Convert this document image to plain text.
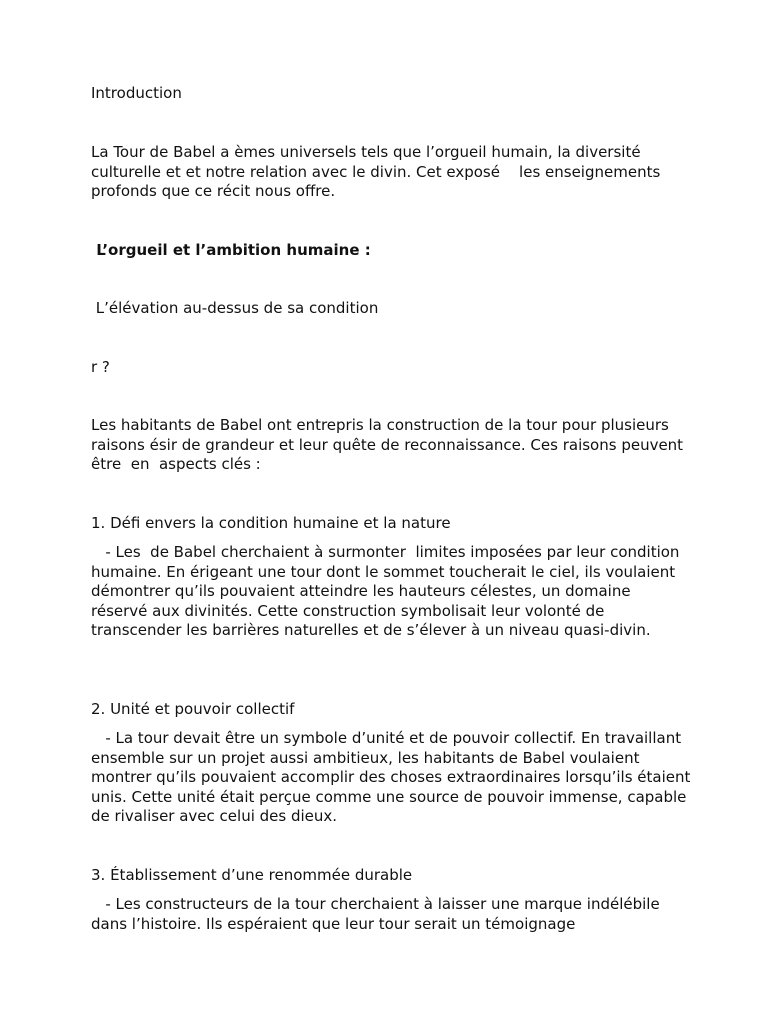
Introduction

La Tour de Babel a èmes universels tels que l’orgueil humain, la diversité culturelle et et notre relation avec le divin. Cet exposé    les enseignements profonds que ce récit nous offre.

L’orgueil et l’ambition humaine :

L’élévation au-dessus de sa condition

r ?

Les habitants de Babel ont entrepris la construction de la tour pour plusieurs raisons ésir de grandeur et leur quête de reconnaissance. Ces raisons peuvent être  en  aspects clés :

1. Défi envers la condition humaine et la nature

- Les  de Babel cherchaient à surmonter  limites imposées par leur condition humaine. En érigeant une tour dont le sommet toucherait le ciel, ils voulaient démontrer qu’ils pouvaient atteindre les hauteurs célestes, un domaine réservé aux divinités. Cette construction symbolisait leur volonté de transcender les barrières naturelles et de s’élever à un niveau quasi-divin.

2. Unité et pouvoir collectif

- La tour devait être un symbole d’unité et de pouvoir collectif. En travaillant ensemble sur un projet aussi ambitieux, les habitants de Babel voulaient montrer qu’ils pouvaient accomplir des choses extraordinaires lorsqu’ils étaient unis. Cette unité était perçue comme une source de pouvoir immense, capable de rivaliser avec celui des dieux.

3. Établissement d’une renommée durable

- Les constructeurs de la tour cherchaient à laisser une marque indélébile dans l’histoire. Ils espéraient que leur tour serait un témoignage
